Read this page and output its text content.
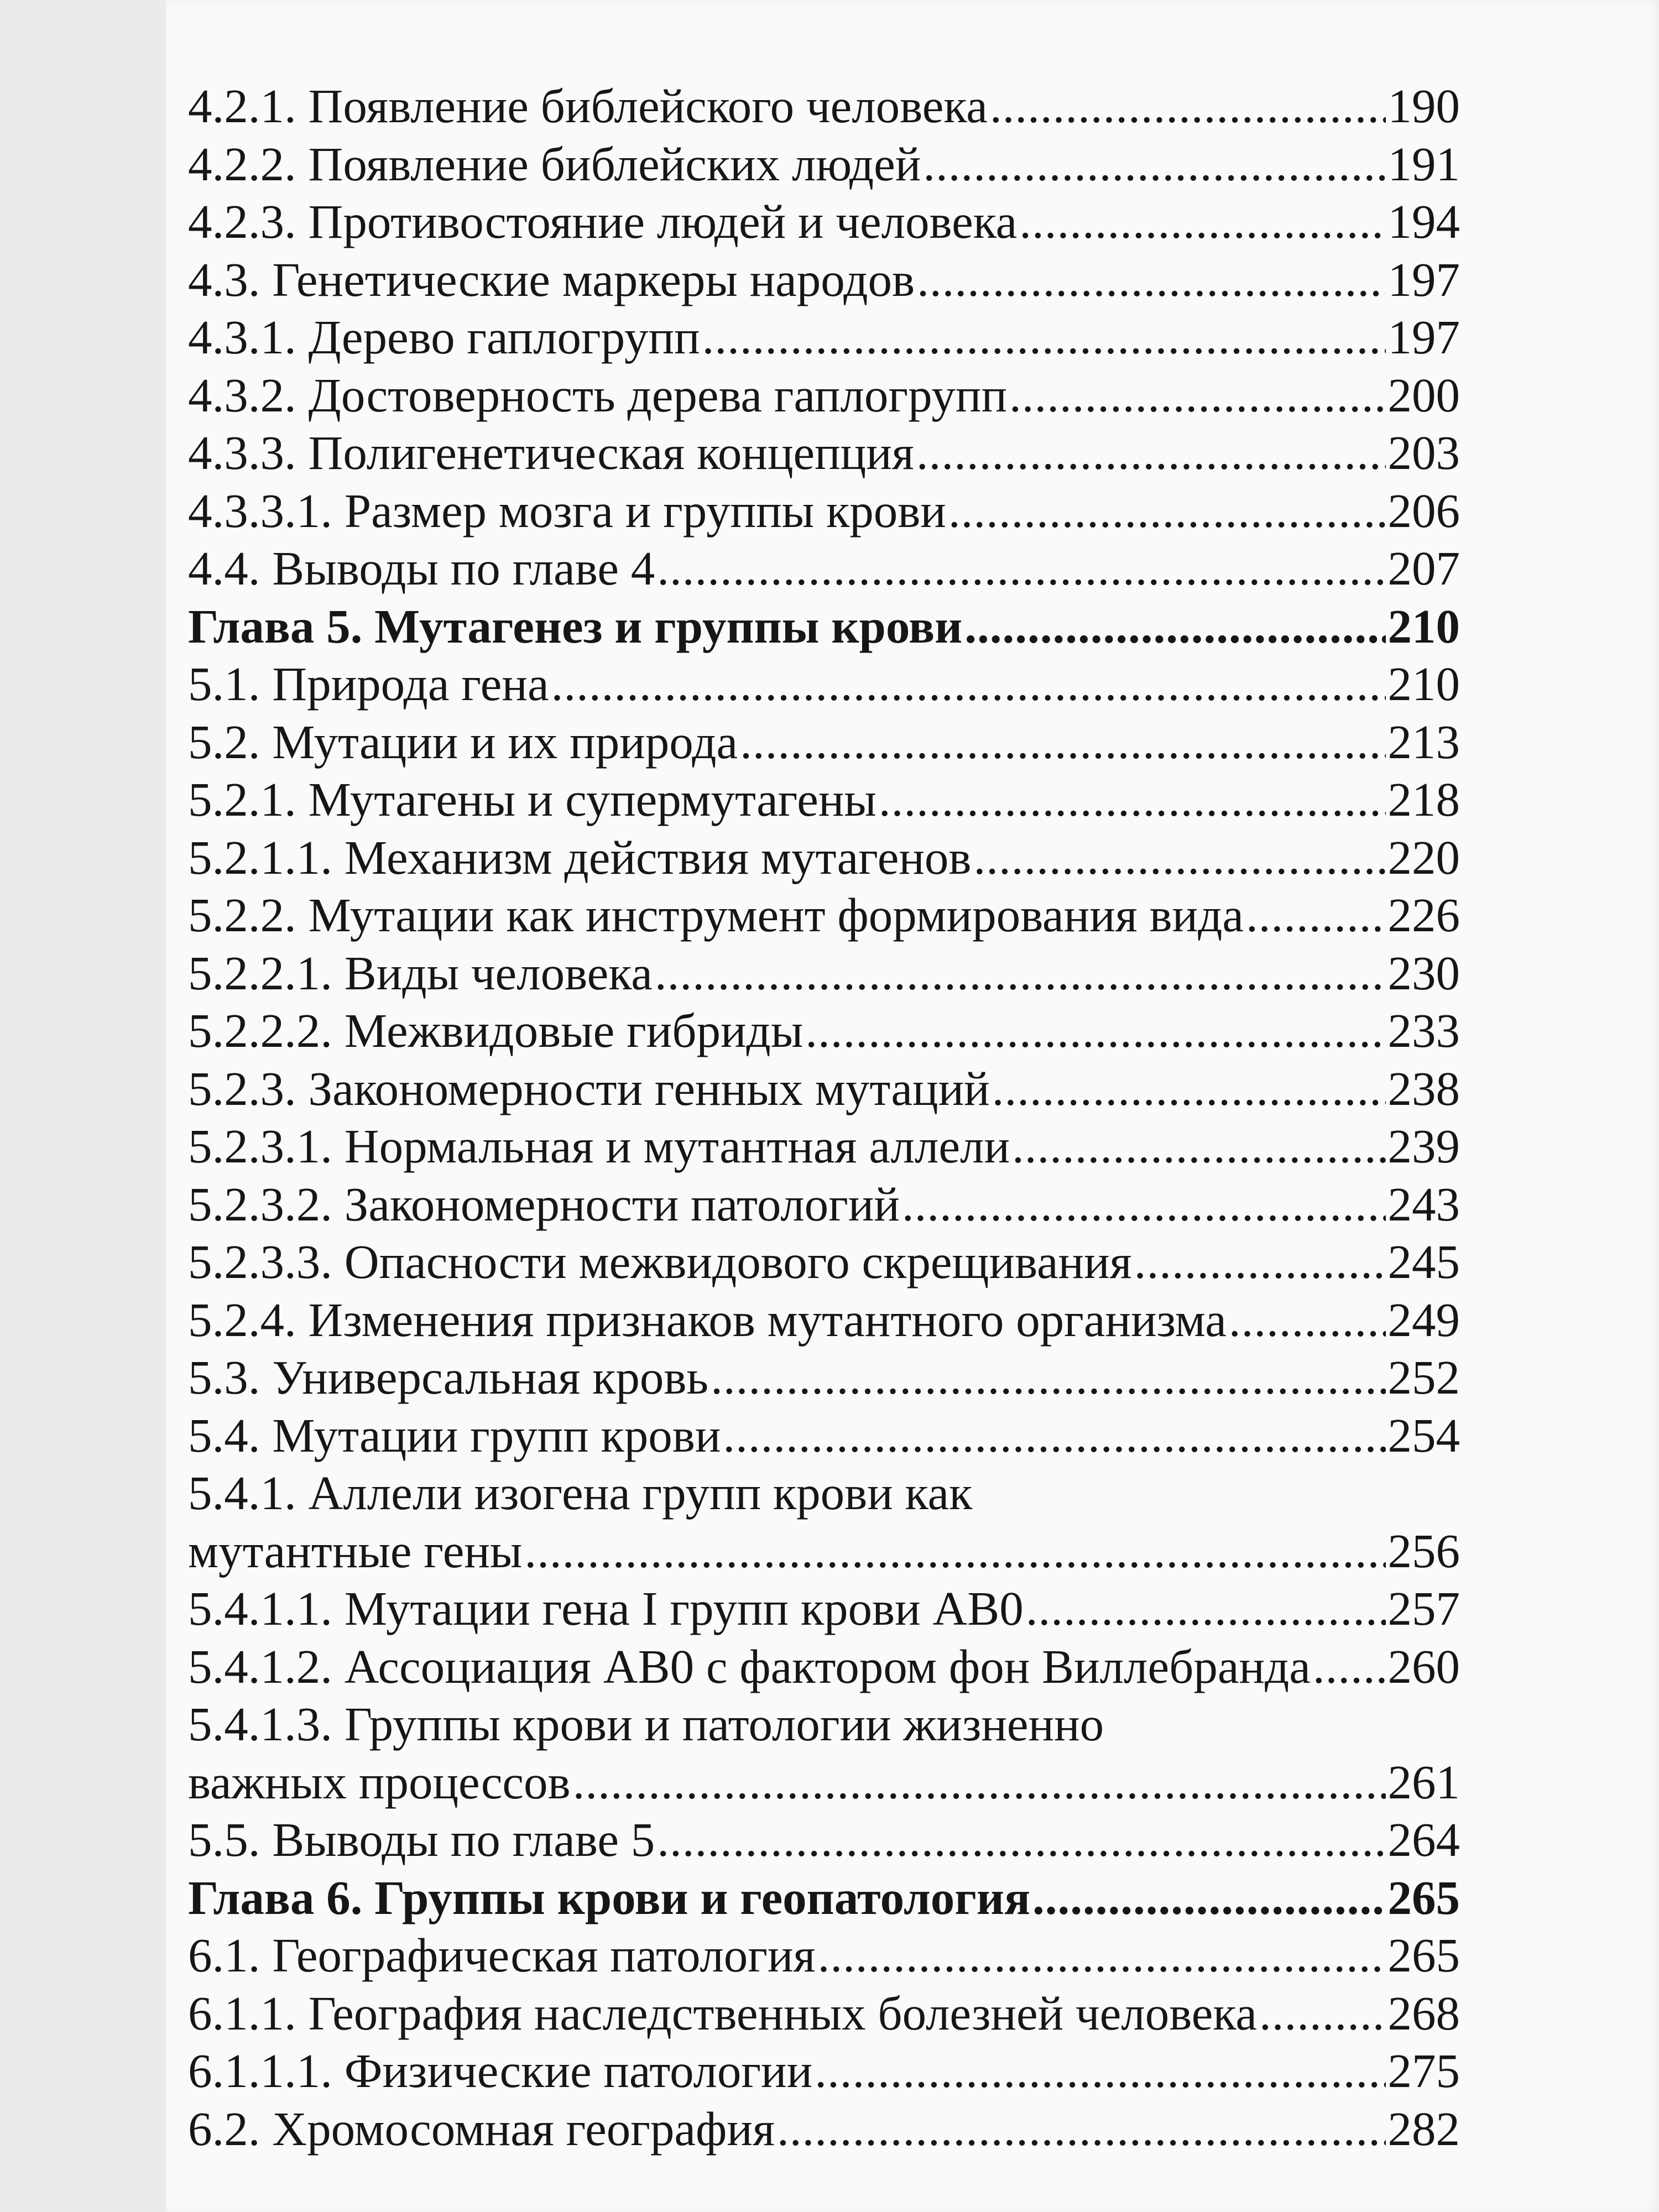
4.2.1. Появление библейского человека .....	190
4.2.2. Появление библейских людей .....	191
4.2.3. Противостояние людей и человека .....	194
4.3. Генетические маркеры народов .....	197
4.3.1. Дерево гаплогрупп .....	197
4.3.2. Достоверность дерева гаплогрупп .....	200
4.3.3. Полигенетическая концепция .....	203
4.3.3.1. Размер мозга и группы крови .....	206
4.4. Выводы по главе 4 .....	207
Глава 5. Мутагенез и группы крови .....	210
5.1. Природа гена .....	210
5.2. Мутации и их природа .....	213
5.2.1. Мутагены и супермутагены .....	218
5.2.1.1. Механизм действия мутагенов .....	220
5.2.2. Мутации как инструмент формирования вида .....	226
5.2.2.1. Виды человека .....	230
5.2.2.2. Межвидовые гибриды .....	233
5.2.3. Закономерности генных мутаций .....	238
5.2.3.1. Нормальная и мутантная аллели .....	239
5.2.3.2. Закономерности патологий .....	243
5.2.3.3. Опасности межвидового скрещивания .....	245
5.2.4. Изменения признаков мутантного организма .....	249
5.3. Универсальная кровь .....	252
5.4. Мутации групп крови .....	254
5.4.1. Аллели изогена групп крови как
мутантные гены .....	256
5.4.1.1. Мутации гена I групп крови АВ0 .....	257
5.4.1.2. Ассоциация АВ0 с фактором фон Виллебранда ..... 260
5.4.1.3. Группы крови и патологии жизненно
важных процессов .....	261
5.5. Выводы по главе 5 .....	264
Глава 6. Группы крови и геопатология .....	265
6.1. Географическая патология .....	265
6.1.1. География наследственных болезней человека .....	268
6.1.1.1. Физические патологии .....	275
6.2. Хромосомная география .....	282
